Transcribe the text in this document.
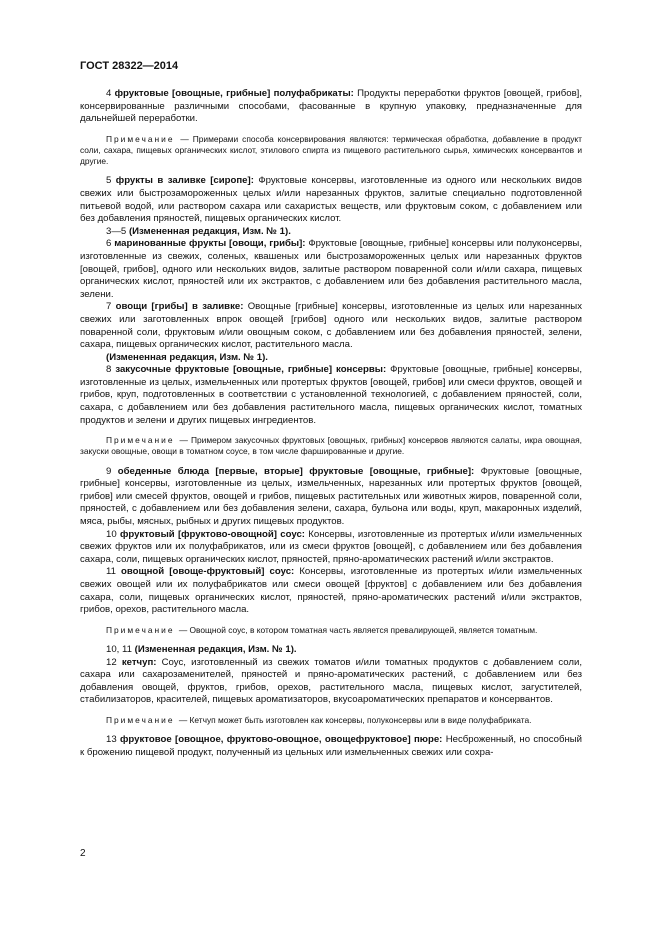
ГОСТ 28322—2014

4 фруктовые [овощные, грибные] полуфабрикаты: Продукты переработки фруктов [овощей, грибов], консервированные различными способами, фасованные в крупную упаковку, предназначенные для дальнейшей переработки.

Примечание — Примерами способа консервирования являются: термическая обработка, добавление в продукт соли, сахара, пищевых органических кислот, этилового спирта из пищевого растительного сырья, химических консервантов и другие.

5 фрукты в заливке [сиропе]: Фруктовые консервы, изготовленные из одного или нескольких видов свежих или быстрозамороженных целых и/или нарезанных фруктов, залитые специально подготовленной питьевой водой, или раствором сахара или сахаристых веществ, или фруктовым соком, с добавлением или без добавления пряностей, пищевых органических кислот.

3—5 (Измененная редакция, Изм. № 1).

6 маринованные фрукты [овощи, грибы]: Фруктовые [овощные, грибные] консервы или полуконсервы, изготовленные из свежих, соленых, квашеных или быстрозамороженных целых или нарезанных фруктов [овощей, грибов], одного или нескольких видов, залитые раствором поваренной соли и/или сахара, пищевых органических кислот, пряностей или их экстрактов, с добавлением или без добавления растительного масла, зелени.

7 овощи [грибы] в заливке: Овощные [грибные] консервы, изготовленные из целых или нарезанных свежих или заготовленных впрок овощей [грибов] одного или нескольких видов, залитые раствором поваренной соли, фруктовым и/или овощным соком, с добавлением или без добавления пряностей, зелени, сахара, пищевых органических кислот, растительного масла.

(Измененная редакция, Изм. № 1).

8 закусочные фруктовые [овощные, грибные] консервы: Фруктовые [овощные, грибные] консервы, изготовленные из целых, измельченных или протертых фруктов [овощей, грибов] или смеси фруктов, овощей и грибов, круп, подготовленных в соответствии с установленной технологией, с добавлением пряностей, соли, сахара, с добавлением или без добавления растительного масла, пищевых органических кислот, томатных продуктов и зелени и других пищевых ингредиентов.

Примечание — Примером закусочных фруктовых [овощных, грибных] консервов являются салаты, икра овощная, закуски овощные, овощи в томатном соусе, в том числе фаршированные и другие.

9 обеденные блюда [первые, вторые] фруктовые [овощные, грибные]: Фруктовые [овощные, грибные] консервы, изготовленные из целых, измельченных, нарезанных или протертых фруктов [овощей, грибов] или смесей фруктов, овощей и грибов, пищевых растительных или животных жиров, поваренной соли, пряностей, с добавлением или без добавления зелени, сахара, бульона или воды, круп, макаронных изделий, мяса, рыбы, мясных, рыбных и других пищевых продуктов.

10 фруктовый [фруктово-овощной] соус: Консервы, изготовленные из протертых и/или измельченных свежих фруктов или их полуфабрикатов, или из смеси фруктов [овощей], с добавлением или без добавления сахара, соли, пищевых органических кислот, пряностей, пряно-ароматических растений и/или экстрактов.

11 овощной [овоще-фруктовый] соус: Консервы, изготовленные из протертых и/или измельченных свежих овощей или их полуфабрикатов или смеси овощей [фруктов] с добавлением или без добавления сахара, соли, пищевых органических кислот, пряностей, пряно-ароматических растений и/или экстрактов, грибов, орехов, растительного масла.

Примечание — Овощной соус, в котором томатная часть является превалирующей, является томатным.

10, 11 (Измененная редакция, Изм. № 1).

12 кетчуп: Соус, изготовленный из свежих томатов и/или томатных продуктов с добавлением соли, сахара или сахарозаменителей, пряностей и пряно-ароматических растений, с добавлением или без добавления овощей, фруктов, грибов, орехов, растительного масла, пищевых кислот, загустителей, стабилизаторов, красителей, пищевых ароматизаторов, вкусоароматических препаратов и консервантов.

Примечание — Кетчуп может быть изготовлен как консервы, полуконсервы или в виде полуфабриката.

13 фруктовое [овощное, фруктово-овощное, овощефруктовое] пюре: Несброженный, но способный к брожению пищевой продукт, полученный из цельных или измельченных свежих или сохра-

2
